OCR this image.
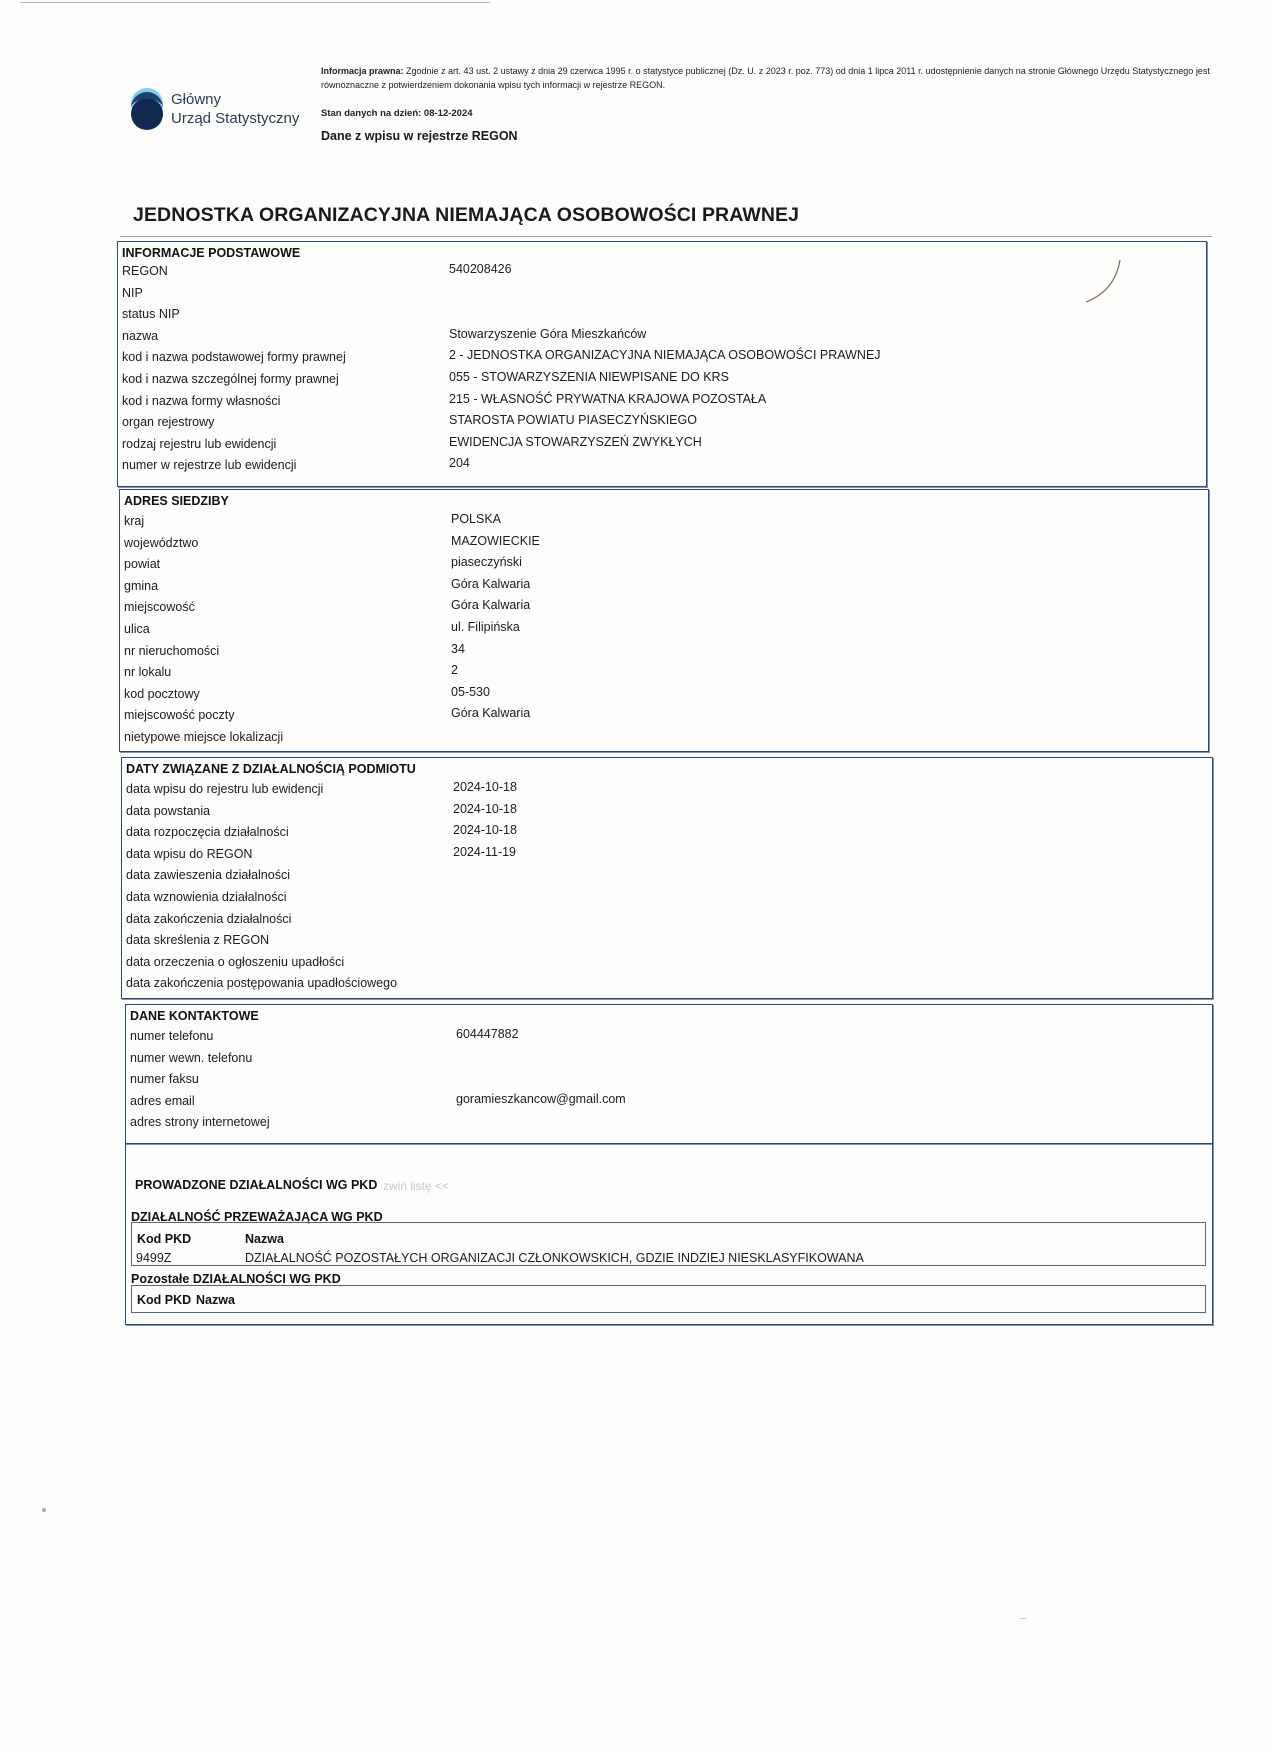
Główny
Urząd Statystyczny
Informacja prawna: Zgodnie z art. 43 ust. 2 ustawy z dnia 29 czerwca 1995 r. o statystyce publicznej (Dz. U. z 2023 r. poz. 773) od dnia 1 lipca 2011 r. udostępnienie danych na stronie Głównego Urzędu Statystycznego jest równoznaczne z potwierdzeniem dokonania wpisu tych informacji w rejestrze REGON.
Stan danych na dzień: 08-12-2024
Dane z wpisu w rejestrze REGON
JEDNOSTKA ORGANIZACYJNA NIEMAJĄCA OSOBOWOŚCI PRAWNEJ
INFORMACJE PODSTAWOWE
REGON	540208426
NIP
status NIP
nazwa	Stowarzyszenie Góra Mieszkańców
kod i nazwa podstawowej formy prawnej	2 - JEDNOSTKA ORGANIZACYJNA NIEMAJĄCA OSOBOWOŚCI PRAWNEJ
kod i nazwa szczególnej formy prawnej	055 - STOWARZYSZENIA NIEWPISANE DO KRS
kod i nazwa formy własności	215 - WŁASNOŚĆ PRYWATNA KRAJOWA POZOSTAŁA
organ rejestrowy	STAROSTA POWIATU PIASECZYŃSKIEGO
rodzaj rejestru lub ewidencji	EWIDENCJA STOWARZYSZEŃ ZWYKŁYCH
numer w rejestrze lub ewidencji	204
ADRES SIEDZIBY
kraj	POLSKA
województwo	MAZOWIECKIE
powiat	piaseczyński
gmina	Góra Kalwaria
miejscowość	Góra Kalwaria
ulica	ul. Filipińska
nr nieruchomości	34
nr lokalu	2
kod pocztowy	05-530
miejscowość poczty	Góra Kalwaria
nietypowe miejsce lokalizacji
DATY ZWIĄZANE Z DZIAŁALNOŚCIĄ PODMIOTU
data wpisu do rejestru lub ewidencji	2024-10-18
data powstania	2024-10-18
data rozpoczęcia działalności	2024-10-18
data wpisu do REGON	2024-11-19
data zawieszenia działalności
data wznowienia działalności
data zakończenia działalności
data skreślenia z REGON
data orzeczenia o ogłoszeniu upadłości
data zakończenia postępowania upadłościowego
DANE KONTAKTOWE
numer telefonu	604447882
numer wewn. telefonu
numer faksu
adres email	goramieszkancow@gmail.com
adres strony internetowej
PROWADZONE DZIAŁALNOŚCI WG PKD zwiń listę <<
DZIAŁALNOŚĆ PRZEWAŻAJĄCA WG PKD
Kod PKD	Nazwa
9499Z	DZIAŁALNOŚĆ POZOSTAŁYCH ORGANIZACJI CZŁONKOWSKICH, GDZIE INDZIEJ NIESKLASYFIKOWANA
Pozostałe DZIAŁALNOŚCI WG PKD
Kod PKD Nazwa
